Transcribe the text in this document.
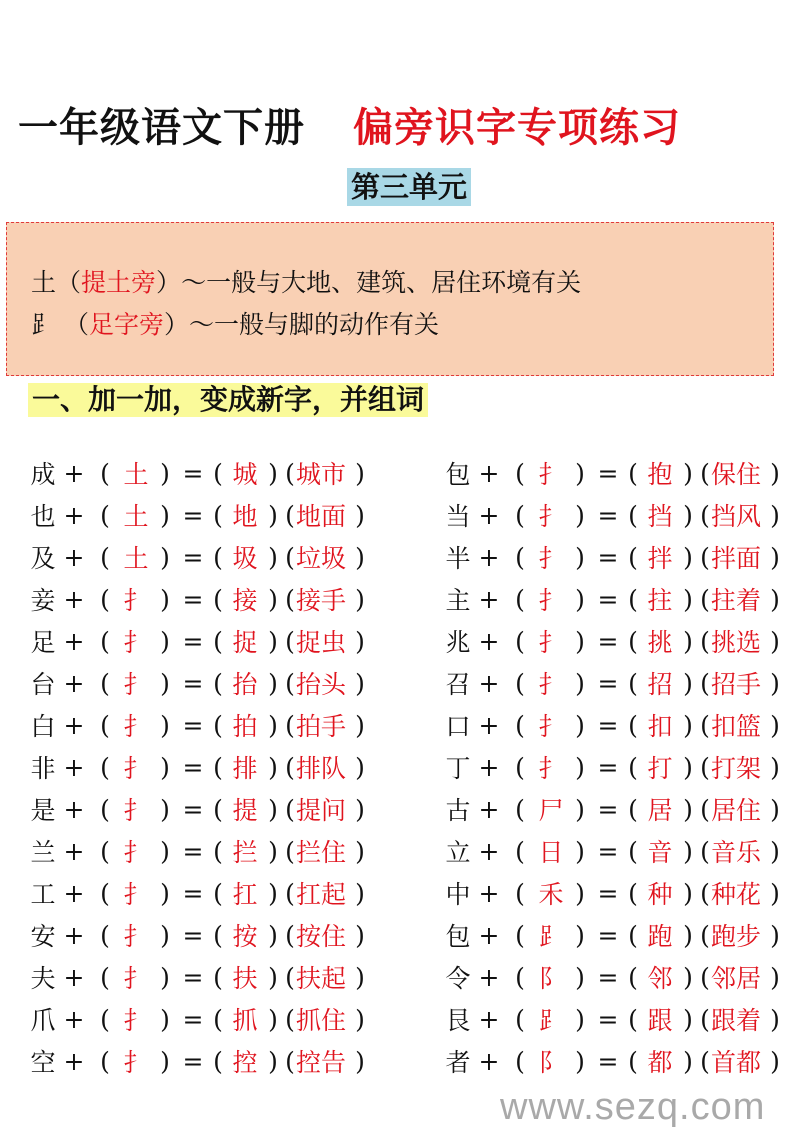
一年级语文下册 偏旁识字专项练习
第三单元
土（提土旁）～一般与大地、建筑、居住环境有关
⻊ （足字旁）～一般与脚的动作有关
一、加一加，变成新字，并组词
成 + ( 土 ) = ( 城 ) ( 城市 )
也 + ( 土 ) = ( 地 ) ( 地面 )
及 + ( 土 ) = ( 圾 ) ( 垃圾 )
妾 + ( 扌 ) = ( 接 ) ( 接手 )
足 + ( 扌 ) = ( 捉 ) ( 捉虫 )
台 + ( 扌 ) = ( 抬 ) ( 抬头 )
白 + ( 扌 ) = ( 拍 ) ( 拍手 )
非 + ( 扌 ) = ( 排 ) ( 排队 )
是 + ( 扌 ) = ( 提 ) ( 提问 )
兰 + ( 扌 ) = ( 拦 ) ( 拦住 )
工 + ( 扌 ) = ( 扛 ) ( 扛起 )
安 + ( 扌 ) = ( 按 ) ( 按住 )
夫 + ( 扌 ) = ( 扶 ) ( 扶起 )
爪 + ( 扌 ) = ( 抓 ) ( 抓住 )
空 + ( 扌 ) = ( 控 ) ( 控告 )
包 + ( 扌 ) = ( 抱 ) ( 保住 )
当 + ( 扌 ) = ( 挡 ) ( 挡风 )
半 + ( 扌 ) = ( 拌 ) ( 拌面 )
主 + ( 扌 ) = ( 拄 ) ( 拄着 )
兆 + ( 扌 ) = ( 挑 ) ( 挑选 )
召 + ( 扌 ) = ( 招 ) ( 招手 )
口 + ( 扌 ) = ( 扣 ) ( 扣篮 )
丁 + ( 扌 ) = ( 打 ) ( 打架 )
古 + ( 尸 ) = ( 居 ) ( 居住 )
立 + ( 日 ) = ( 音 ) ( 音乐 )
中 + ( 禾 ) = ( 种 ) ( 种花 )
包 + ( ⻊ ) = ( 跑 ) ( 跑步 )
令 + ( 阝 ) = ( 邻 ) ( 邻居 )
艮 + ( ⻊ ) = ( 跟 ) ( 跟着 )
者 + ( 阝 ) = ( 都 ) ( 首都 )
www.sezq.com
